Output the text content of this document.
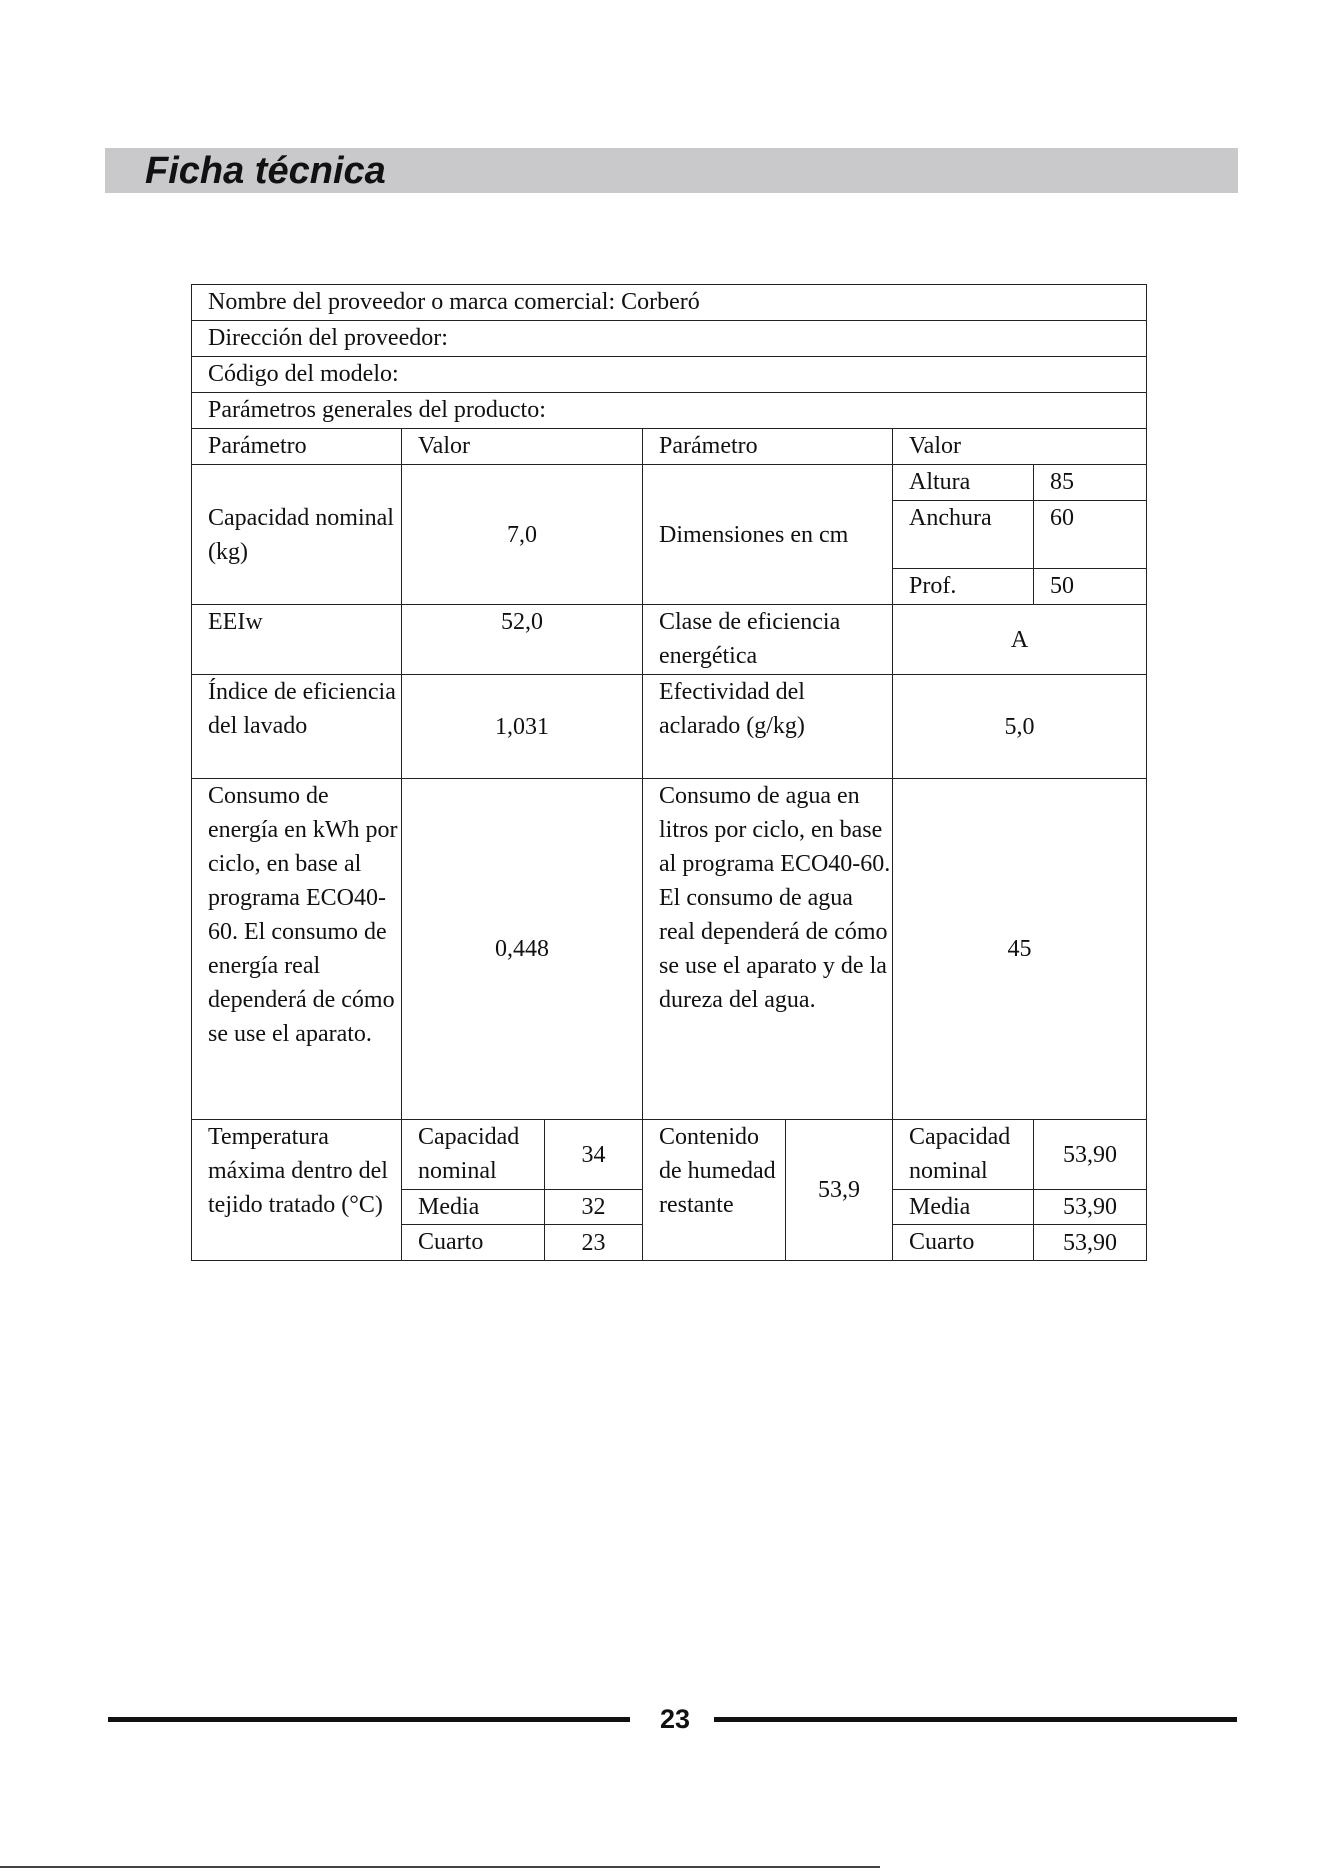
Ficha técnica
Nombre del proveedor o marca comercial: Corberó						
Dirección del proveedor:						
Código del modelo:						
Parámetros generales del producto:						
Parámetro	Valor		Parámetro		Valor	
Capacidad nominal (kg)	7,0		Dimensiones en cm		Altura	85
					Anchura	60
					Prof.	50
EEIw	52,0		Clase de eficiencia energética		A	
Índice de eficiencia del lavado	1,031		Efectividad del aclarado (g/kg)		5,0	
Consumo de energía en kWh por ciclo, en base al programa ECO40-60. El consumo de energía real dependerá de cómo se use el aparato.	0,448		Consumo de agua en litros por ciclo, en base al programa ECO40-60. El consumo de agua real dependerá de cómo se use el aparato y de la dureza del agua.		45	
Temperatura máxima dentro del tejido tratado (°C)	Capacidad nominal	34	Contenido de humedad restante	53,9	Capacidad nominal	53,90
	Media	32			Media	53,90
	Cuarto	23			Cuarto	53,90
23
